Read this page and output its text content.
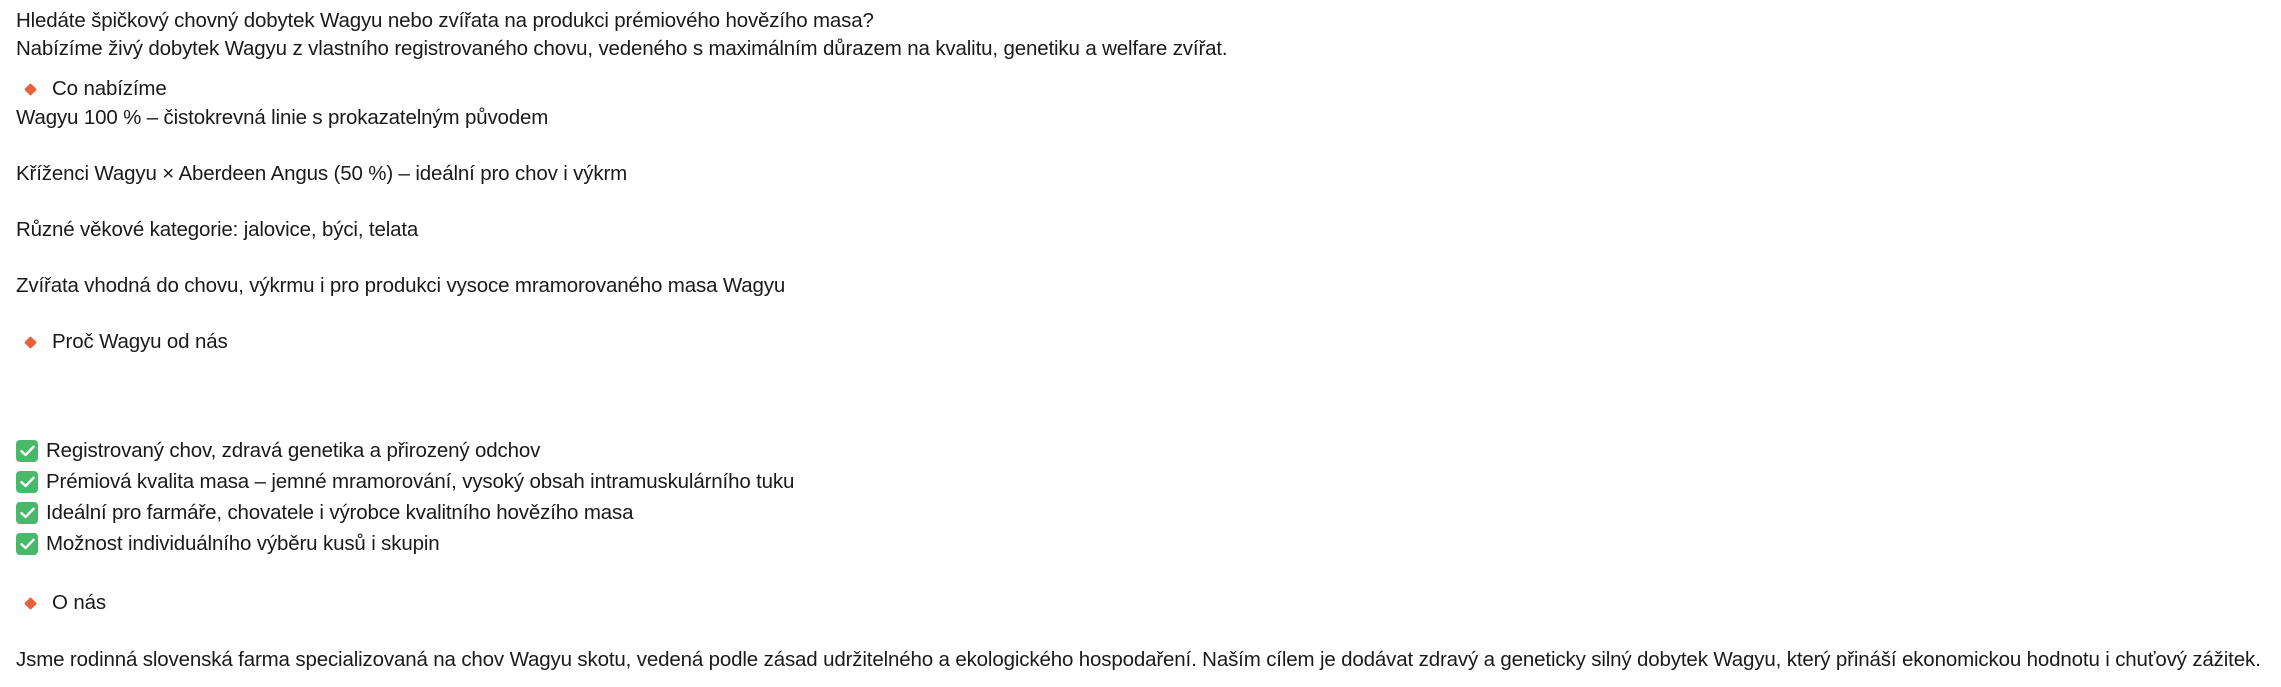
Hledáte špičkový chovný dobytek Wagyu nebo zvířata na produkci prémiového hovězího masa?
Nabízíme živý dobytek Wagyu z vlastního registrovaného chovu, vedeného s maximálním důrazem na kvalitu, genetiku a welfare zvířat.
Co nabízíme
Wagyu 100 % – čistokrevná linie s prokazatelným původem
Kříženci Wagyu × Aberdeen Angus (50 %) – ideální pro chov i výkrm
Různé věkové kategorie: jalovice, býci, telata
Zvířata vhodná do chovu, výkrmu i pro produkci vysoce mramorovaného masa Wagyu
Proč Wagyu od nás
Registrovaný chov, zdravá genetika a přirozený odchov
Prémiová kvalita masa – jemné mramorování, vysoký obsah intramuskulárního tuku
Ideální pro farmáře, chovatele i výrobce kvalitního hovězího masa
Možnost individuálního výběru kusů i skupin
O nás
Jsme rodinná slovenská farma specializovaná na chov Wagyu skotu, vedená podle zásad udržitelného a ekologického hospodaření. Naším cílem je dodávat zdravý a geneticky silný dobytek Wagyu, který přináší ekonomickou hodnotu i chuťový zážitek.
